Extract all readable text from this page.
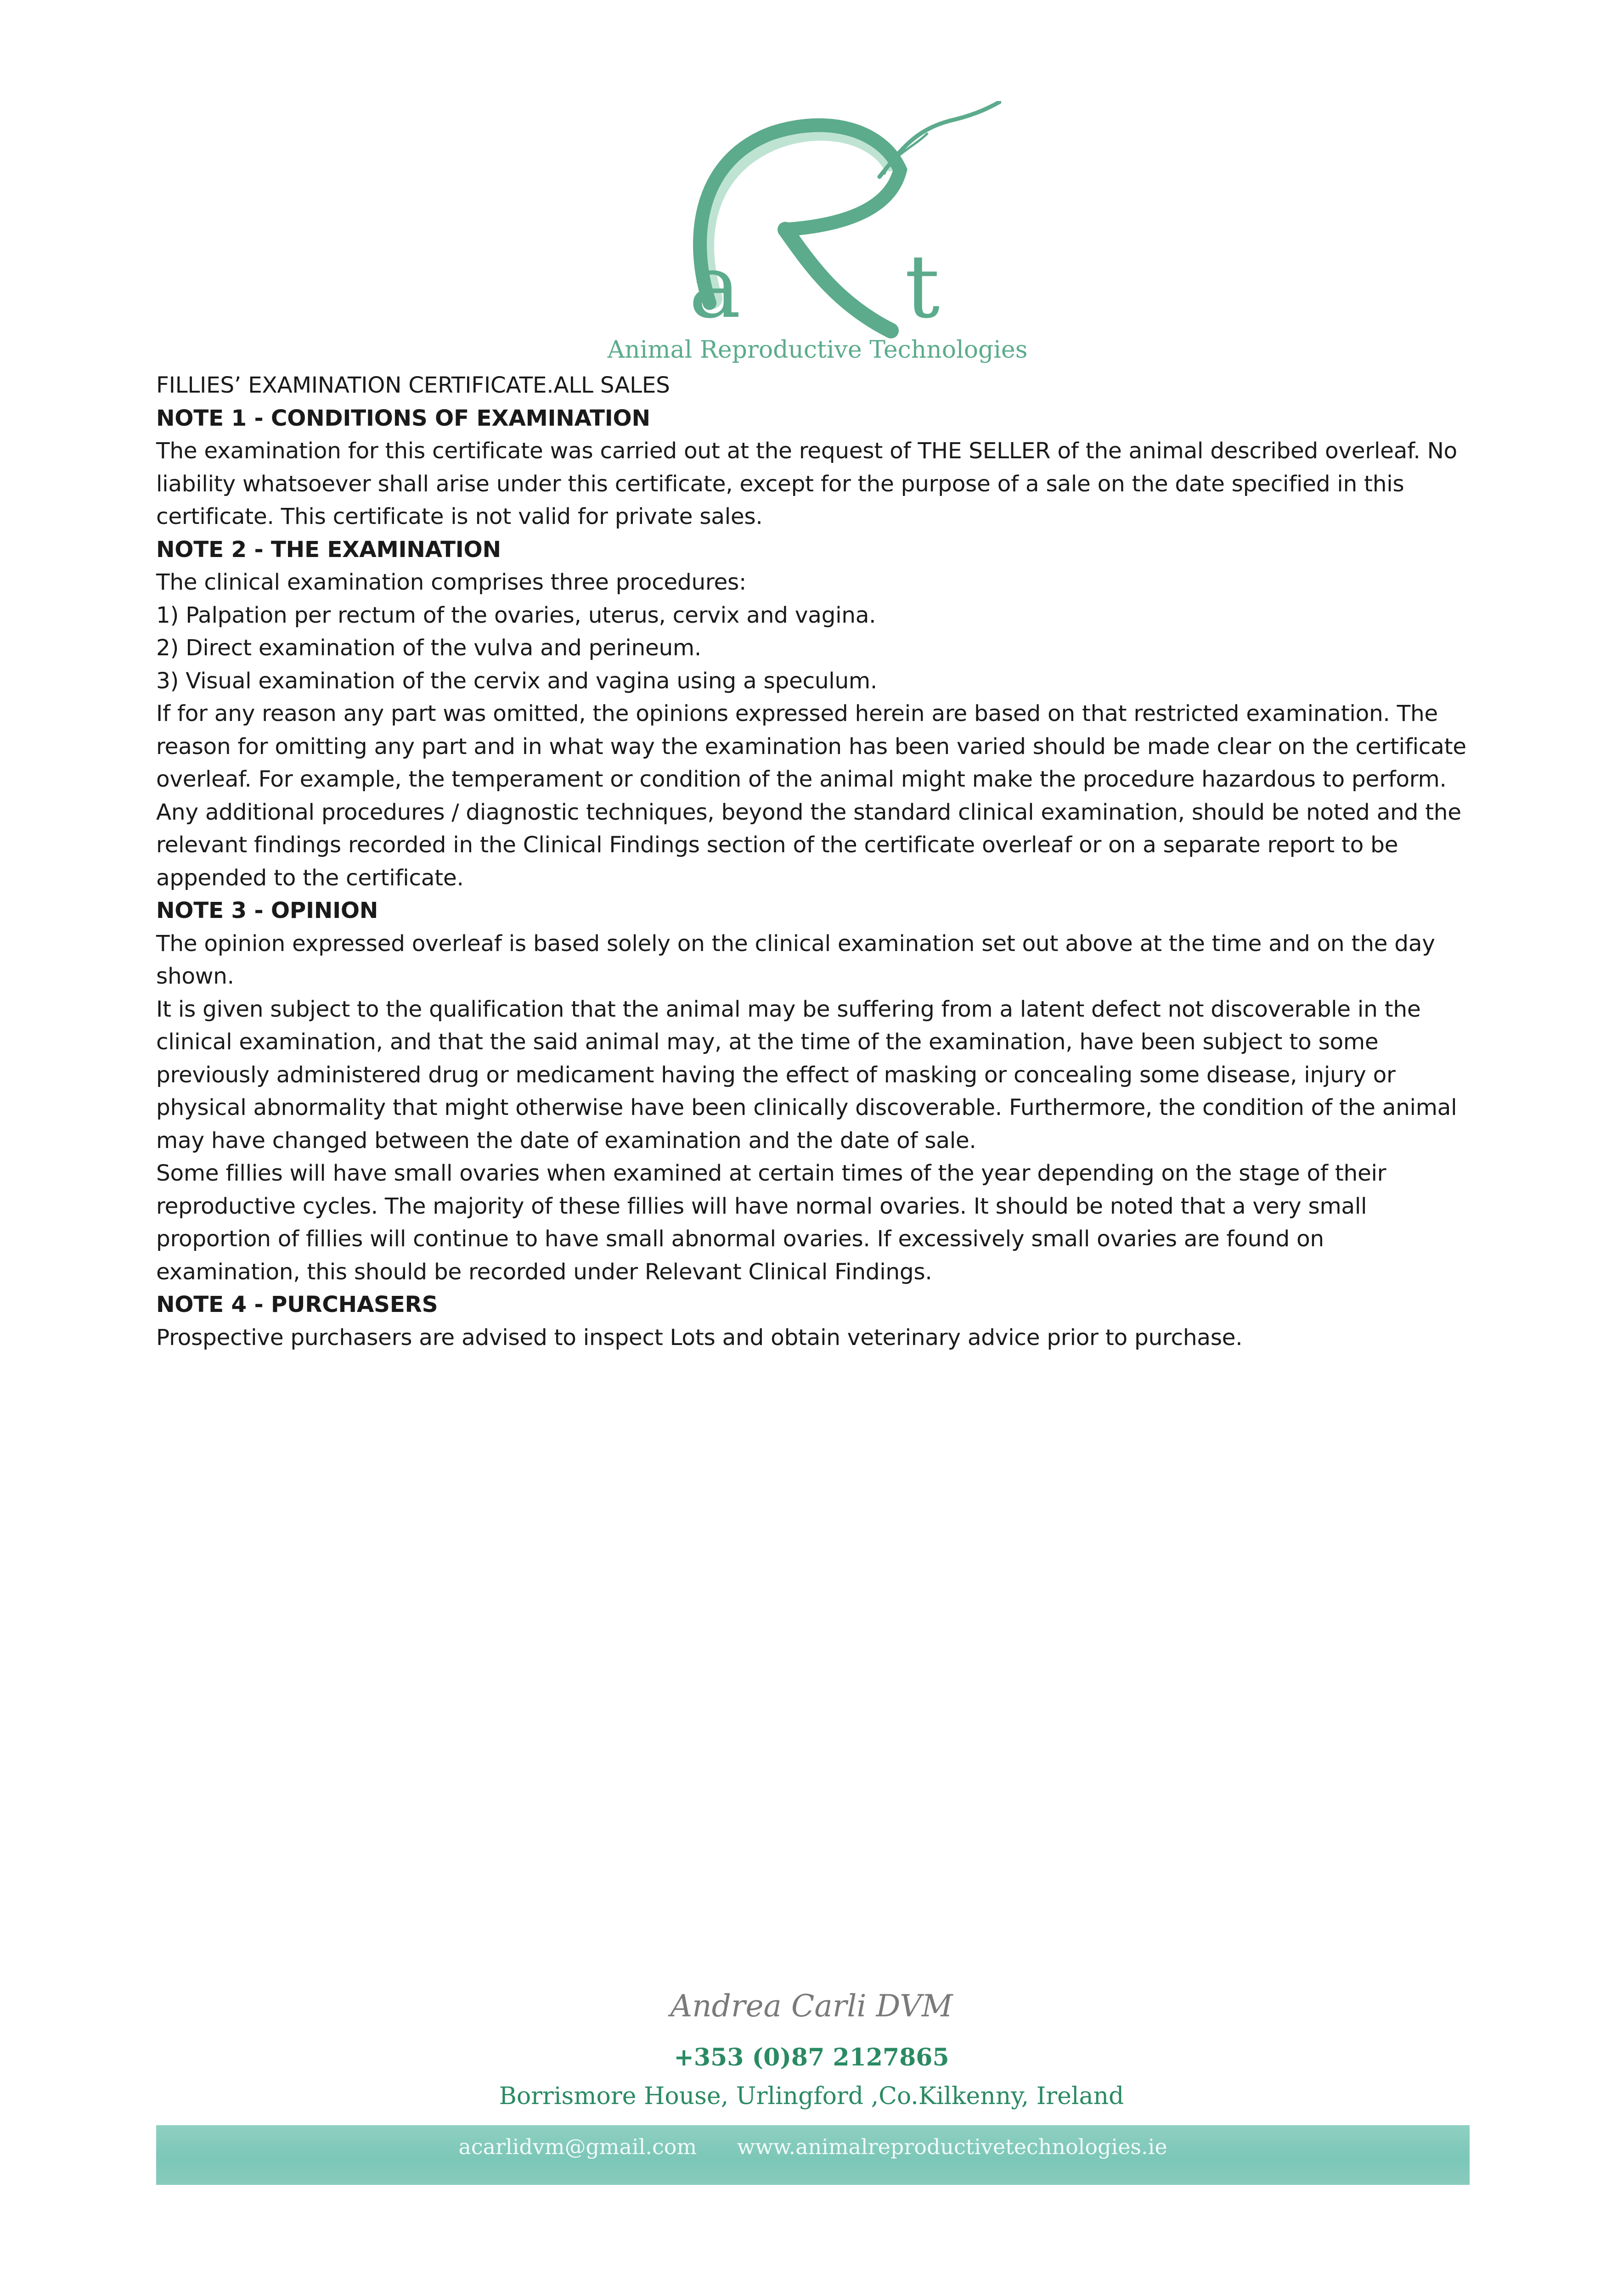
a t
Animal Reproductive Technologies

FILLIES’ EXAMINATION CERTIFICATE.ALL SALES

NOTE 1 - CONDITIONS OF EXAMINATION

The examination for this certificate was carried out at the request of THE SELLER of the animal described overleaf. No liability whatsoever shall arise under this certificate, except for the purpose of a sale on the date specified in this certificate. This certificate is not valid for private sales.

NOTE 2 - THE EXAMINATION

The clinical examination comprises three procedures:

1) Palpation per rectum of the ovaries, uterus, cervix and vagina.

2) Direct examination of the vulva and perineum.

3) Visual examination of the cervix and vagina using a speculum.

If for any reason any part was omitted, the opinions expressed herein are based on that restricted examination. The reason for omitting any part and in what way the examination has been varied should be made clear on the certificate overleaf. For example, the temperament or condition of the animal might make the procedure hazardous to perform.

Any additional procedures / diagnostic techniques, beyond the standard clinical examination, should be noted and the relevant findings recorded in the Clinical Findings section of the certificate overleaf or on a separate report to be appended to the certificate.

NOTE 3 - OPINION

The opinion expressed overleaf is based solely on the clinical examination set out above at the time and on the day shown.

It is given subject to the qualification that the animal may be suffering from a latent defect not discoverable in the clinical examination, and that the said animal may, at the time of the examination, have been subject to some previously administered drug or medicament having the effect of masking or concealing some disease, injury or physical abnormality that might otherwise have been clinically discoverable. Furthermore, the condition of the animal may have changed between the date of examination and the date of sale.

Some fillies will have small ovaries when examined at certain times of the year depending on the stage of their reproductive cycles. The majority of these fillies will have normal ovaries. It should be noted that a very small proportion of fillies will continue to have small abnormal ovaries. If excessively small ovaries are found on examination, this should be recorded under Relevant Clinical Findings.

NOTE 4 - PURCHASERS

Prospective purchasers are advised to inspect Lots and obtain veterinary advice prior to purchase.

Andrea Carli DVM
+353 (0)87 2127865
Borrismore House, Urlingford ,Co.Kilkenny, Ireland
acarlidvm@gmail.com www.animalreproductivetechnologies.ie
